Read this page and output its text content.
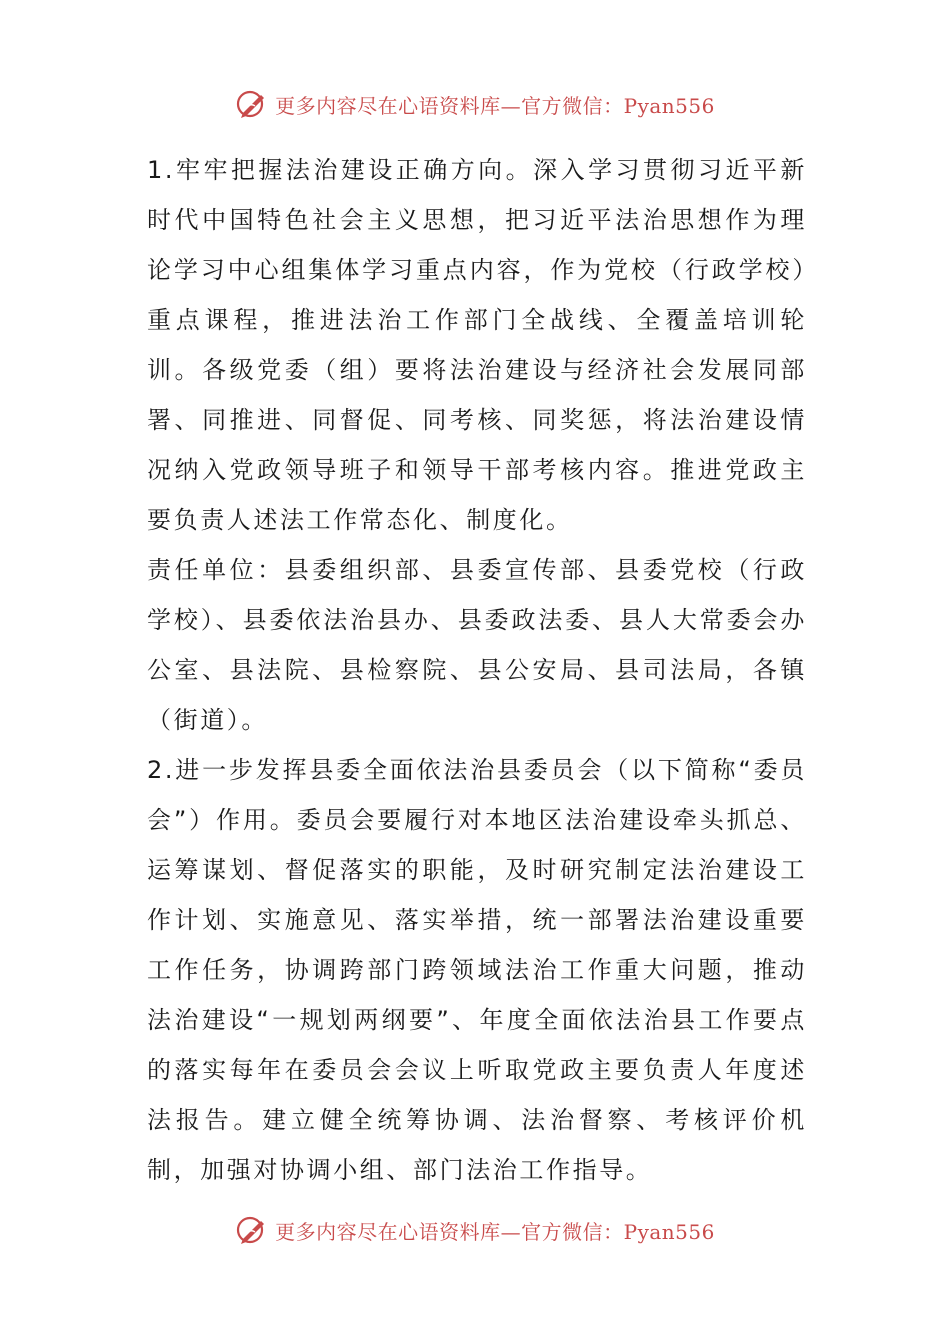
更多内容尽在心语资料库—官方微信：Pyan556

1.牢牢把握法治建设正确方向。深入学习贯彻习近平新时代中国特色社会主义思想，把习近平法治思想作为理论学习中心组集体学习重点内容，作为党校（行政学校）重点课程，推进法治工作部门全战线、全覆盖培训轮训。各级党委（组）要将法治建设与经济社会发展同部署、同推进、同督促、同考核、同奖惩，将法治建设情况纳入党政领导班子和领导干部考核内容。推进党政主要负责人述法工作常态化、制度化。

责任单位：县委组织部、县委宣传部、县委党校（行政学校）、县委依法治县办、县委政法委、县人大常委会办公室、县法院、县检察院、县公安局、县司法局，各镇（街道）。

2.进一步发挥县委全面依法治县委员会（以下简称“委员会”）作用。委员会要履行对本地区法治建设牵头抓总、运筹谋划、督促落实的职能，及时研究制定法治建设工作计划、实施意见、落实举措，统一部署法治建设重要工作任务，协调跨部门跨领域法治工作重大问题，推动法治建设“一规划两纲要”、年度全面依法治县工作要点的落实每年在委员会会议上听取党政主要负责人年度述法报告。建立健全统筹协调、法治督察、考核评价机制，加强对协调小组、部门法治工作指导。

更多内容尽在心语资料库—官方微信：Pyan556
